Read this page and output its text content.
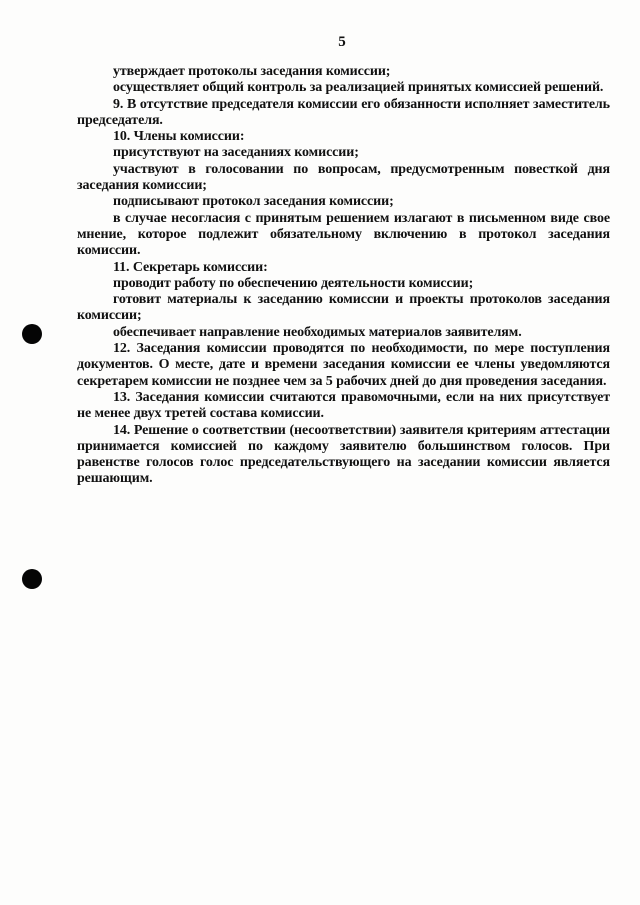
5

утверждает протоколы заседания комиссии;

осуществляет общий контроль за реализацией принятых комиссией решений.

9. В отсутствие председателя комиссии его обязанности исполняет заместитель председателя.

10. Члены комиссии:

присутствуют на заседаниях комиссии;

участвуют в голосовании по вопросам, предусмотренным повесткой дня заседания комиссии;

подписывают протокол заседания комиссии;

в случае несогласия с принятым решением излагают в письменном виде свое мнение, которое подлежит обязательному включению в протокол заседания комиссии.

11. Секретарь комиссии:

проводит работу по обеспечению деятельности комиссии;

готовит материалы к заседанию комиссии и проекты протоколов заседания комиссии;

обеспечивает направление необходимых материалов заявителям.

12. Заседания комиссии проводятся по необходимости, по мере поступления документов. О месте, дате и времени заседания комиссии ее члены уведомляются секретарем комиссии не позднее чем за 5 рабочих дней до дня проведения заседания.

13. Заседания комиссии считаются правомочными, если на них присутствует не менее двух третей состава комиссии.

14. Решение о соответствии (несоответствии) заявителя критериям аттестации принимается комиссией по каждому заявителю большинством голосов. При равенстве голосов голос председательствующего на заседании комиссии является решающим.
